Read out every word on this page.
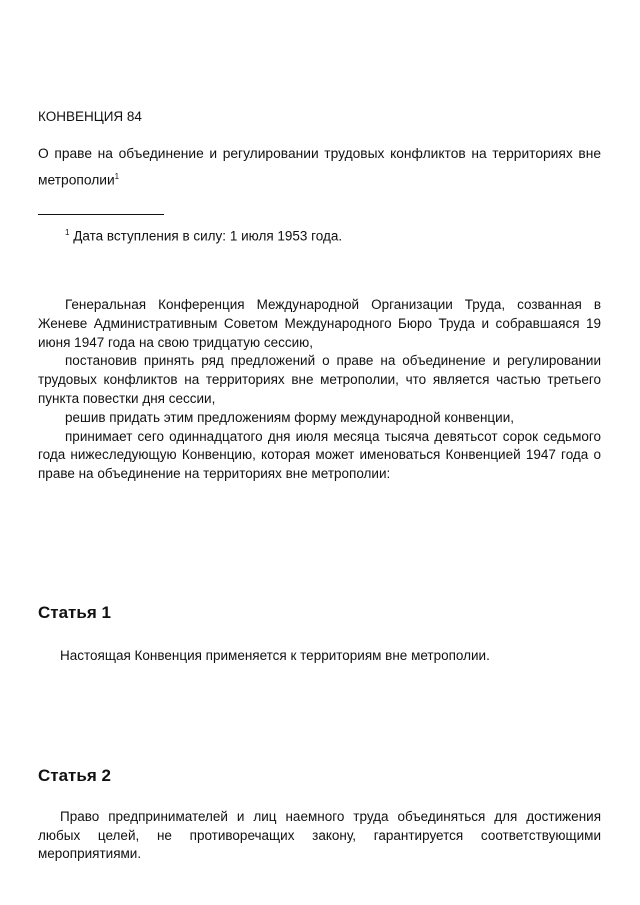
КОНВЕНЦИЯ 84
О праве на объединение и регулировании трудовых конфликтов на территориях вне метрополии$^1$
$^1$ Дата вступления в силу: 1 июля 1953 года.

Генеральная Конференция Международной Организации Труда, созванная в Женеве Административным Советом Международного Бюро Труда и собравшаяся 19 июня 1947 года на свою тридцатую сессию,

постановив принять ряд предложений о праве на объединение и регулировании трудовых конфликтов на территориях вне метрополии, что является частью третьего пункта повестки дня сессии,

решив придать этим предложениям форму международной конвенции,

принимает сего одиннадцатого дня июля месяца тысяча девятьсот сорок седьмого года нижеследующую Конвенцию, которая может именоваться Конвенцией 1947 года о праве на объединение на территориях вне метрополии:

Статья 1
Настоящая Конвенция применяется к территориям вне метрополии.
Статья 2

Право предпринимателей и лиц наемного труда объединяться для достижения любых целей, не противоречащих закону, гарантируется соответствующими мероприятиями.
